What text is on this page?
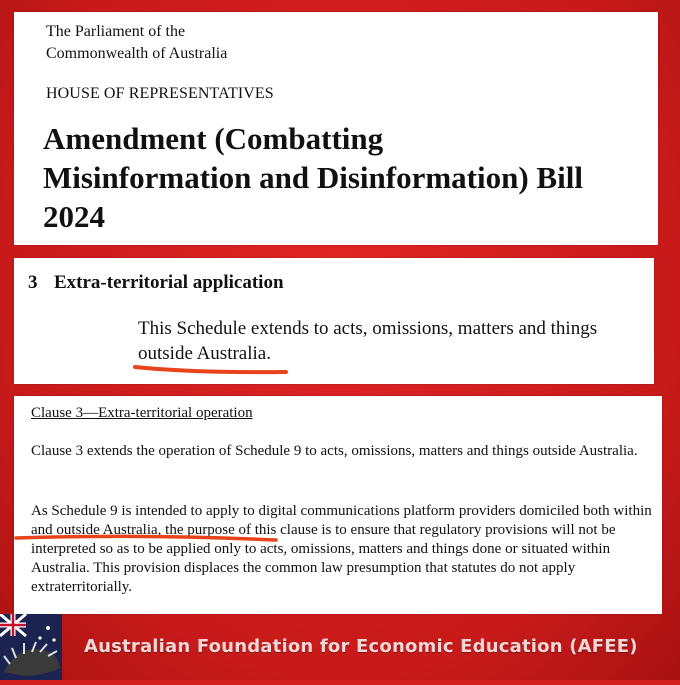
The Parliament of the
Commonwealth of Australia
HOUSE OF REPRESENTATIVES
Amendment (Combatting
Misinformation and Disinformation) Bill
2024
3 Extra-territorial application
This Schedule extends to acts, omissions, matters and things
outside Australia
.
Clause 3—Extra-territorial operation
Clause 3 extends the operation of Schedule 9 to acts, omissions, matters and things outside Australia.
As Schedule 9 is intended to apply to digital communications platform providers domiciled both within and outside Australia, the purpose of this clause is to ensure that regulatory provisions will not be interpreted so as to be applied only to acts, omissions, matters and things done or situated within Australia. This provision displaces the common law presumption that statutes do not apply extraterritorially.
Australian Foundation for Economic Education (AFEE)
